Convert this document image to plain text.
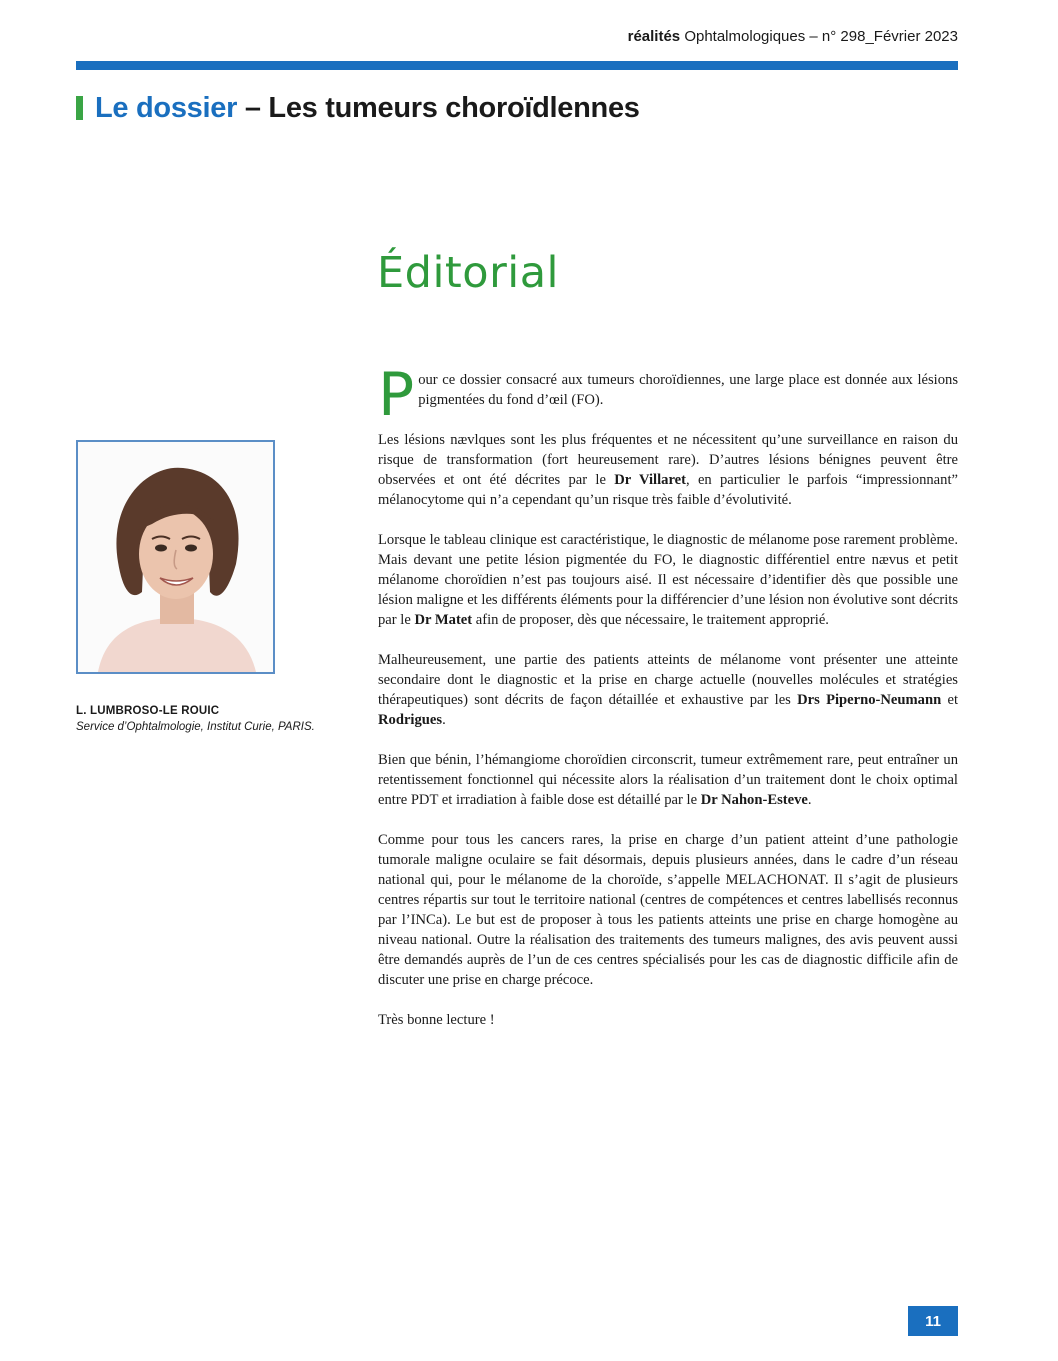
réalités Ophtalmologiques – n° 298_Février 2023
Le dossier – Les tumeurs choroïdlennes
Éditorial
L. LUMBROSO-LE ROUIC
Service d’Ophtalmologie, Institut Curie, PARIS.

Pour ce dossier consacré aux tumeurs choroïdiennes, une large place est donnée aux lésions pigmentées du fond d’œil (FO).

Les lésions nævlques sont les plus fréquentes et ne nécessitent qu’une surveillance en raison du risque de transformation (fort heureusement rare). D’autres lésions bénignes peuvent être observées et ont été décrites par le Dr Villaret, en particulier le parfois “impressionnant” mélanocytome qui n’a cependant qu’un risque très faible d’évolutivité.

Lorsque le tableau clinique est caractéristique, le diagnostic de mélanome pose rarement problème. Mais devant une petite lésion pigmentée du FO, le diagnostic différentiel entre nævus et petit mélanome choroïdien n’est pas toujours aisé. Il est nécessaire d’identifier dès que possible une lésion maligne et les différents éléments pour la différencier d’une lésion non évolutive sont décrits par le Dr Matet afin de proposer, dès que nécessaire, le traitement approprié.

Malheureusement, une partie des patients atteints de mélanome vont présenter une atteinte secondaire dont le diagnostic et la prise en charge actuelle (nouvelles molécules et stratégies thérapeutiques) sont décrits de façon détaillée et exhaustive par les Drs Piperno-Neumann et Rodrigues.

Bien que bénin, l’hémangiome choroïdien circonscrit, tumeur extrêmement rare, peut entraîner un retentissement fonctionnel qui nécessite alors la réalisation d’un traitement dont le choix optimal entre PDT et irradiation à faible dose est détaillé par le Dr Nahon-Esteve.

Comme pour tous les cancers rares, la prise en charge d’un patient atteint d’une pathologie tumorale maligne oculaire se fait désormais, depuis plusieurs années, dans le cadre d’un réseau national qui, pour le mélanome de la choroïde, s’appelle MELACHONAT. Il s’agit de plusieurs centres répartis sur tout le territoire national (centres de compétences et centres labellisés reconnus par l’INCa). Le but est de proposer à tous les patients atteints une prise en charge homogène au niveau national. Outre la réalisation des traitements des tumeurs malignes, des avis peuvent aussi être demandés auprès de l’un de ces centres spécialisés pour les cas de diagnostic difficile afin de discuter une prise en charge précoce.

Très bonne lecture !

11
